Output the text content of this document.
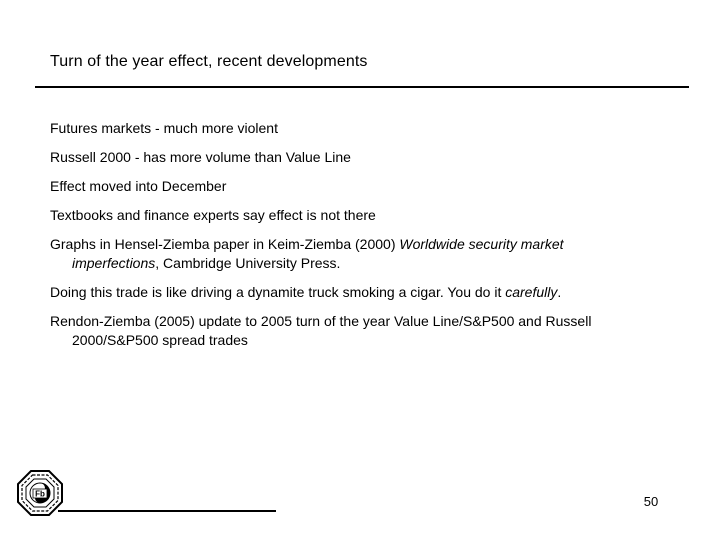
Turn of the year effect, recent developments
Futures markets - much more violent
Russell 2000 - has more volume than Value Line
Effect moved into December
Textbooks and finance experts say effect is not there
Graphs in Hensel-Ziemba paper in Keim-Ziemba (2000) Worldwide security market
imperfections, Cambridge University Press.
Doing this trade is like driving a dynamite truck smoking a cigar. You do it carefully.
Rendon-Ziemba (2005) update to 2005 turn of the year Value Line/S&P500 and Russell
2000/S&P500 spread trades
Fb	50
